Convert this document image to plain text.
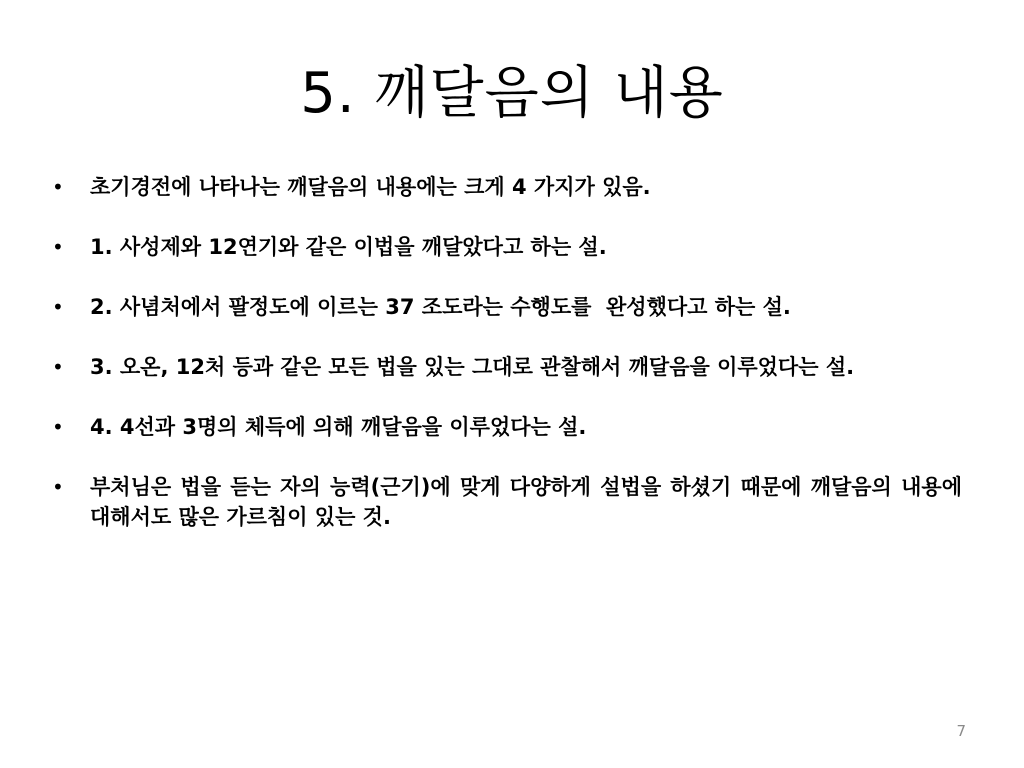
5. 깨달음의 내용
•	초기경전에 나타나는 깨달음의 내용에는 크게 4 가지가 있음.
•	1. 사성제와 12연기와 같은 이법을 깨달았다고 하는 설.
•	2. 사념처에서 팔정도에 이르는 37 조도라는 수행도를  완성했다고 하는 설.
•	3. 오온, 12처 등과 같은 모든 법을 있는 그대로 관찰해서 깨달음을 이루었다는 설.
•	4. 4선과 3명의 체득에 의해 깨달음을 이루었다는 설.
•	부처님은 법을 듣는 자의 능력(근기)에 맞게 다양하게 설법을 하셨기 때문에 깨달음의 내용에 대해서도 많은 가르침이 있는 것.
7
